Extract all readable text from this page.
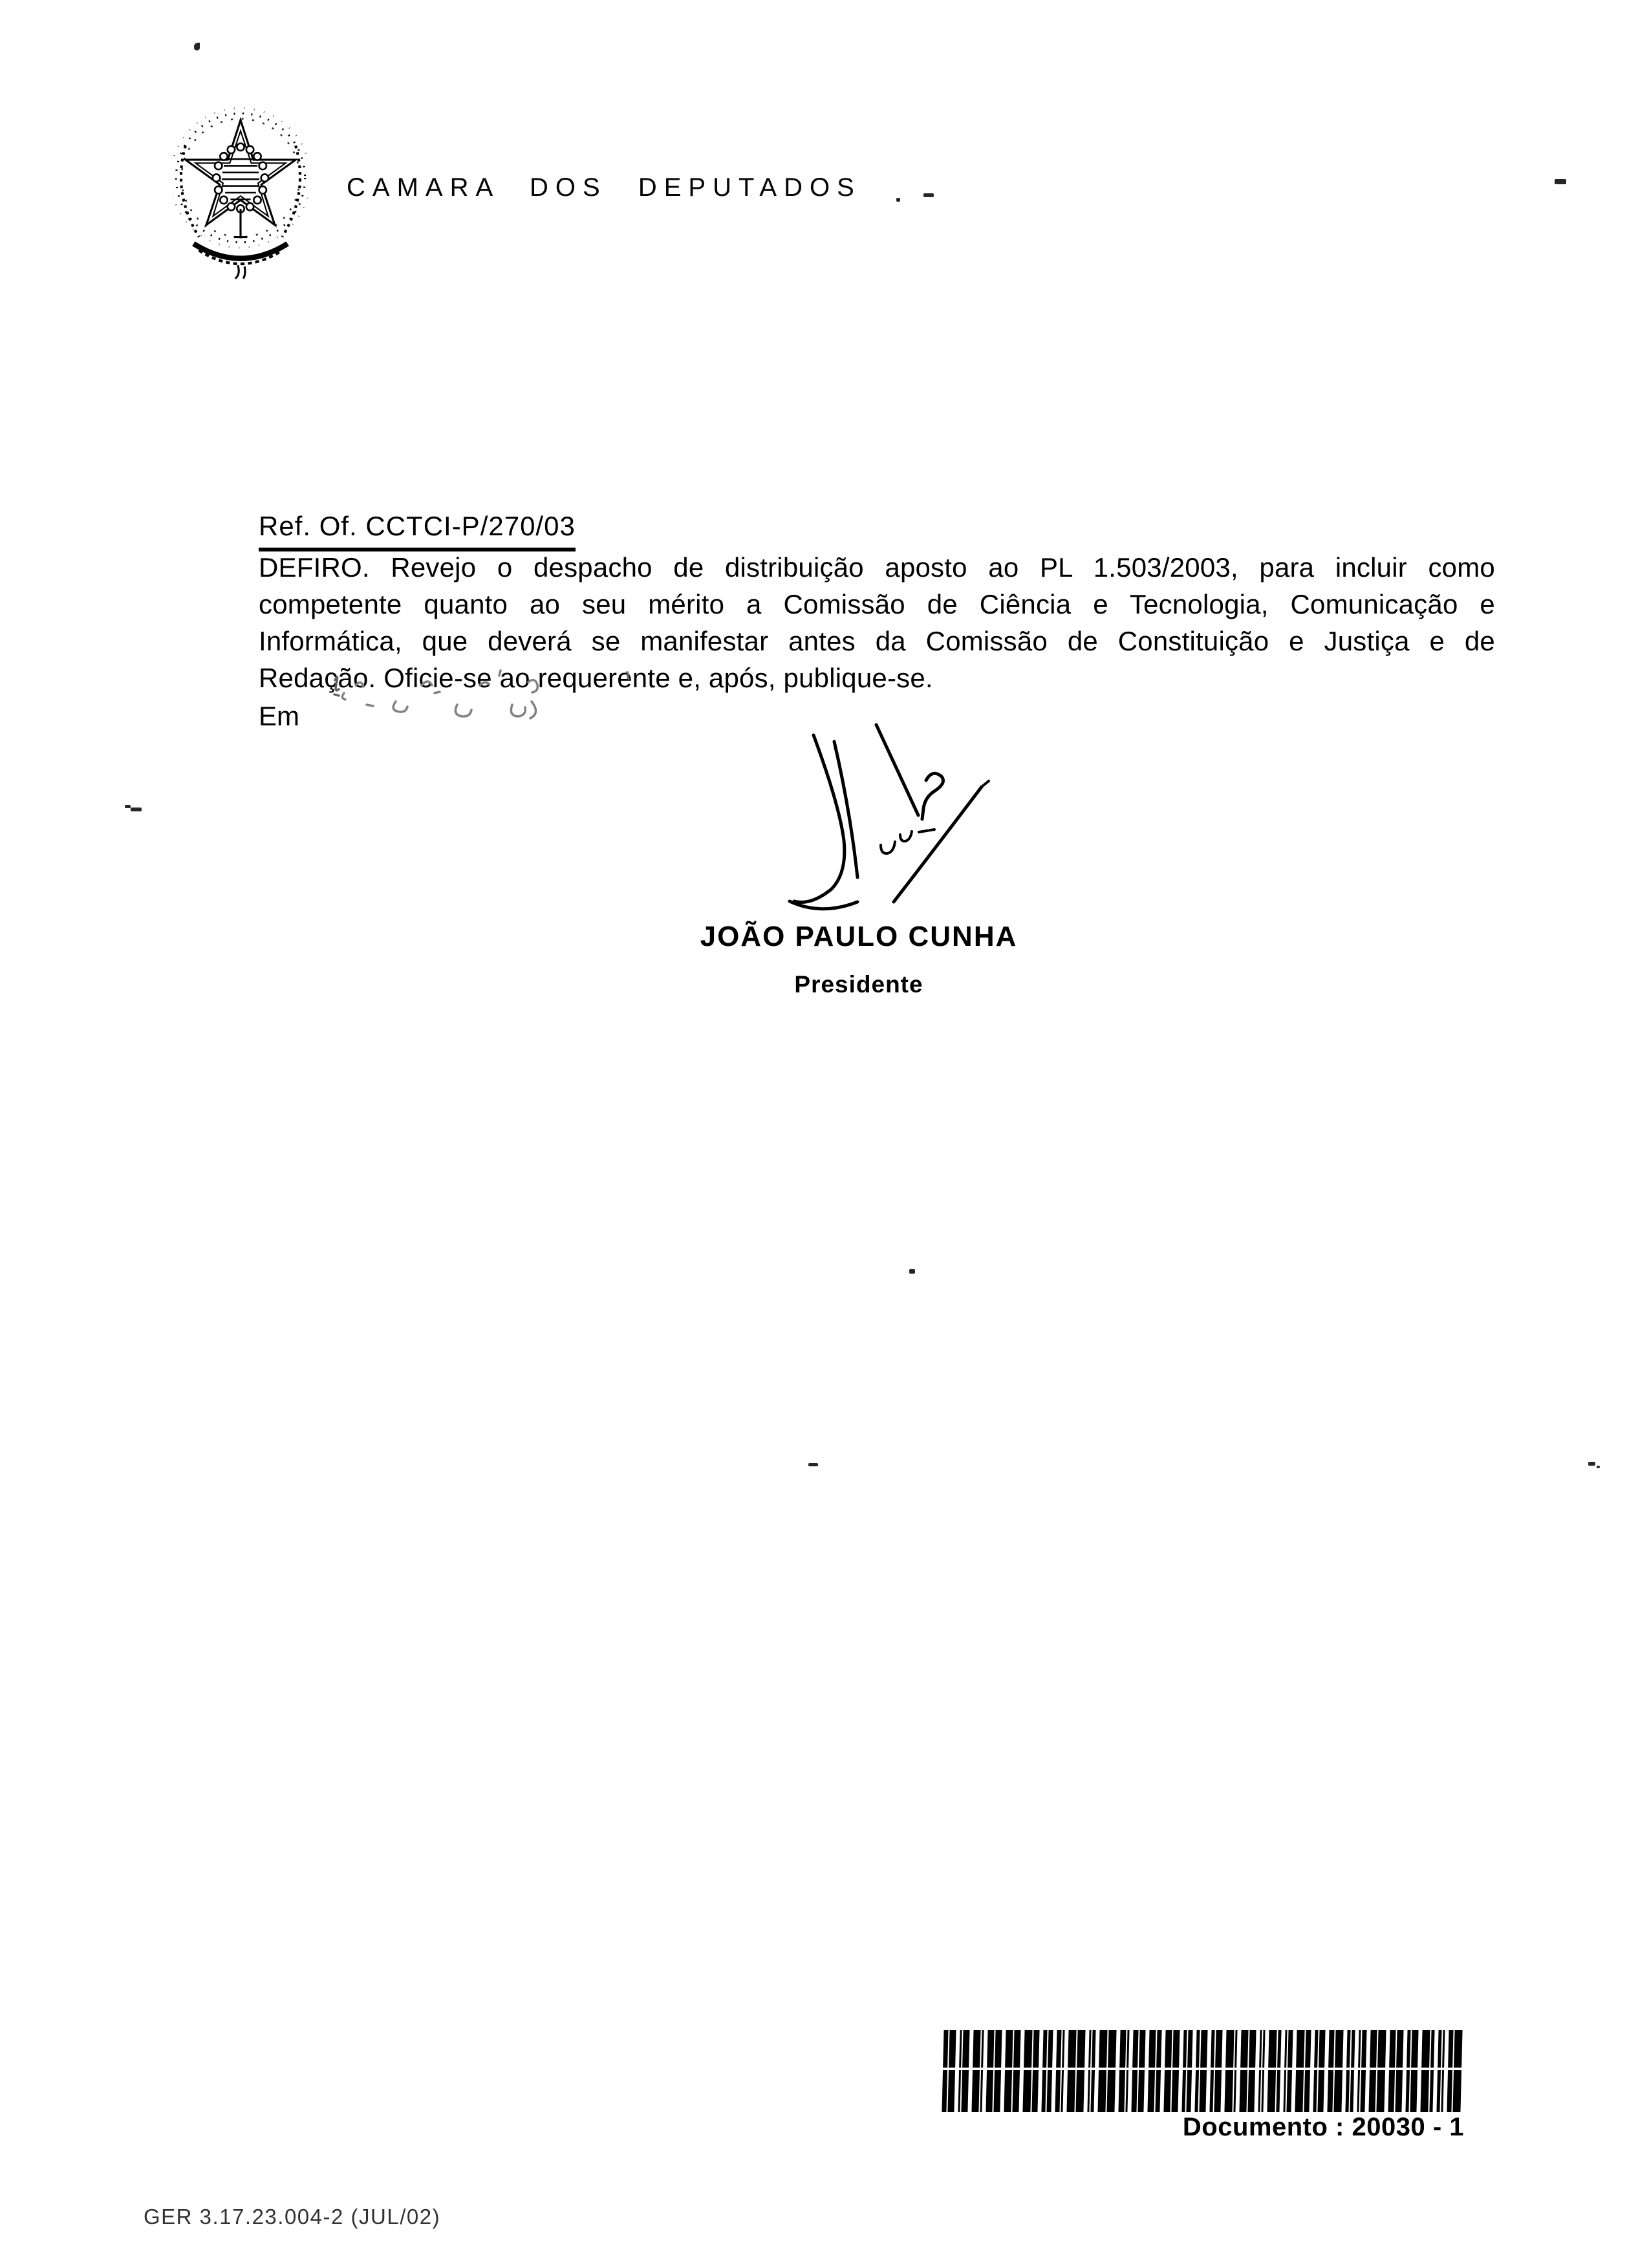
CAMARA DOS DEPUTADOS
Ref. Of. CCTCI-P/270/03
DEFIRO. Revejo o despacho de distribuição aposto ao PL 1.503/2003, para incluir como
competente quanto ao seu mérito a Comissão de Ciência e Tecnologia, Comunicação e
Informática, que deverá se manifestar antes da Comissão de Constituição e Justiça e de
Redação. Oficie-se ao requerente e, após, publique-se.
Em
JOÃO PAULO CUNHA
Presidente
Documento : 20030 - 1
GER 3.17.23.004-2 (JUL/02)
